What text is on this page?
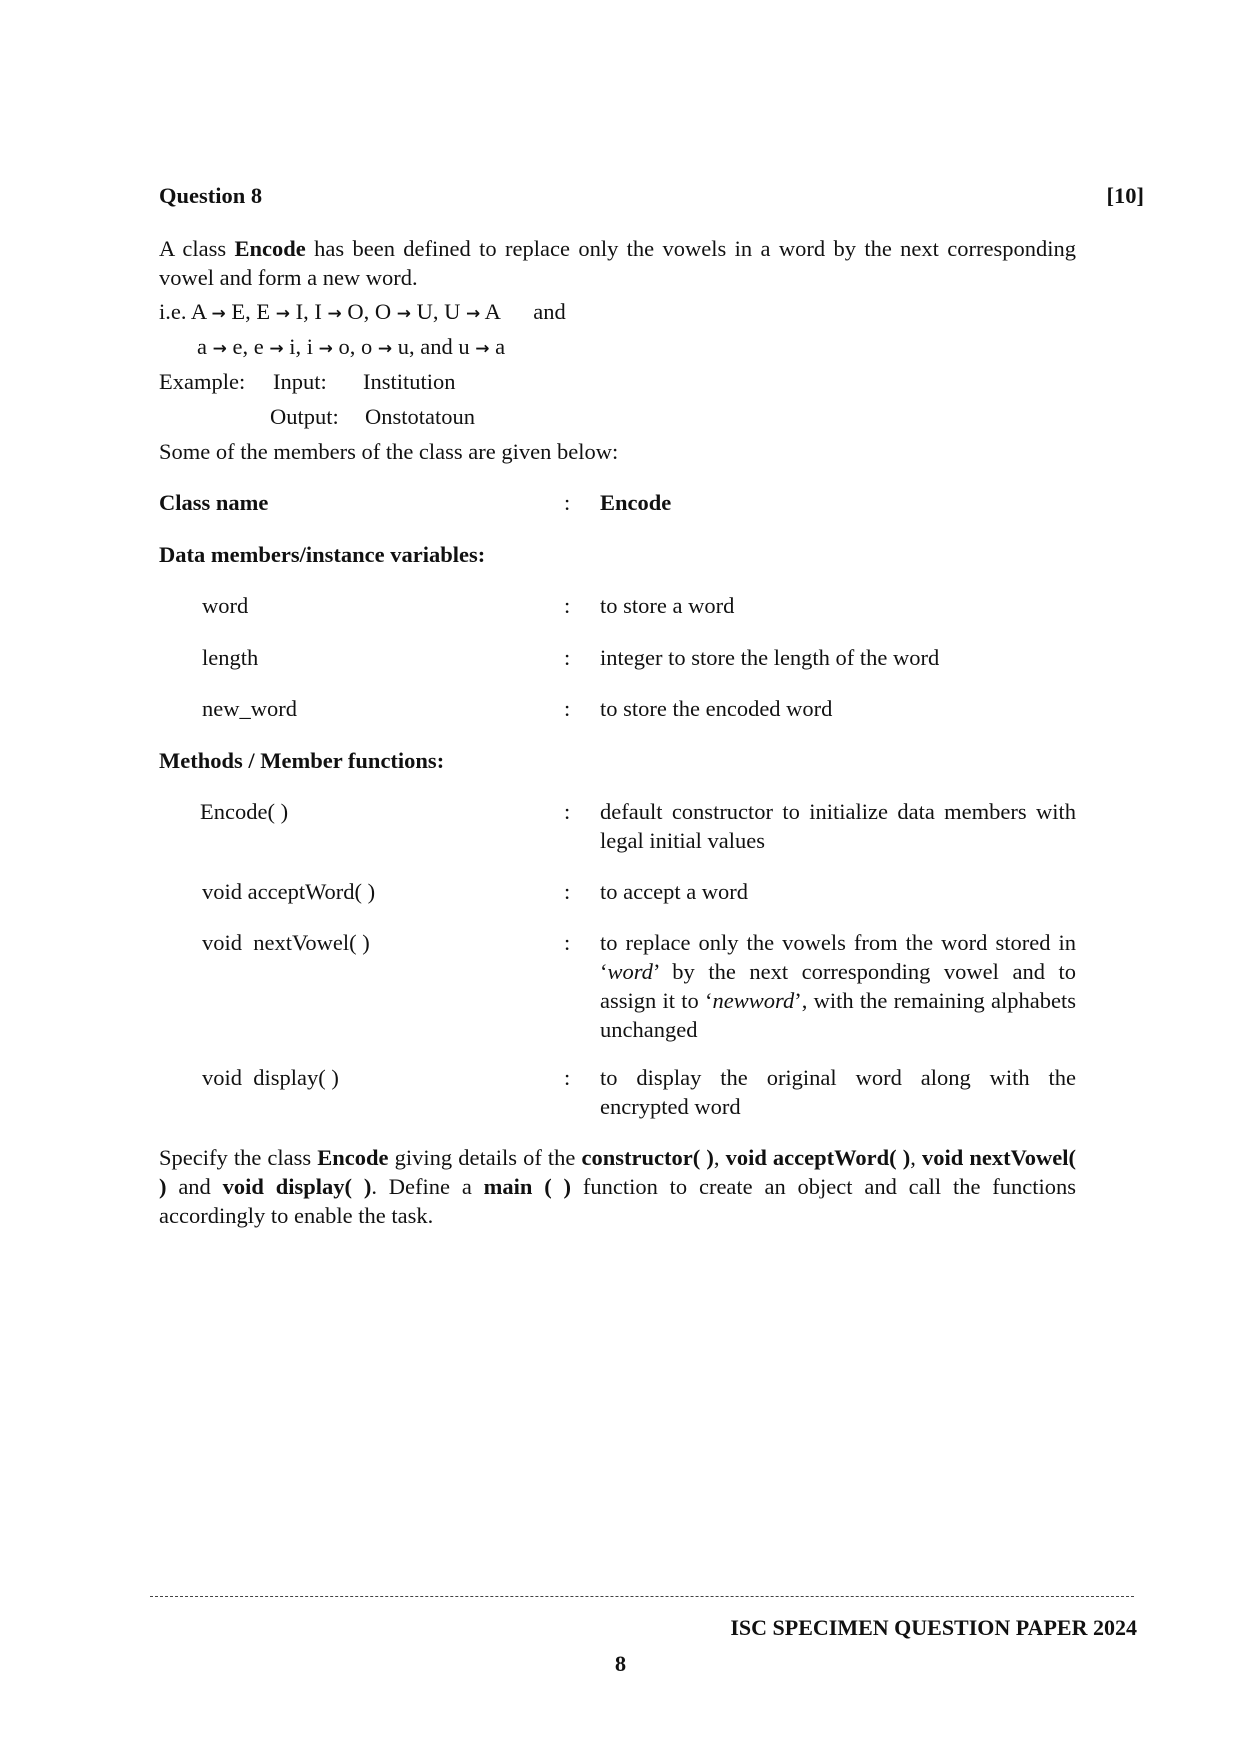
Question 8	[10]
A class Encode has been defined to replace only the vowels in a word by the next corresponding vowel and form a new word.
i.e. A → E, E → I, I → O, O → U, U → A and
a → e, e → i, i → o, o → u, and u → a
Example: Input: Institution
Output: Onstotatoun
Some of the members of the class are given below:
Class name	: Encode
Data members/instance variables:
word	: to store a word
length	: integer to store the length of the word
new_word	: to store the encoded word
Methods / Member functions:
Encode( )	: default constructor to initialize data members with legal initial values
void acceptWord( )	: to accept a word
void  nextVowel( )	: to replace only the vowels from the word stored in ‘word’ by the next corresponding vowel and to assign it to ‘newword’, with the remaining alphabets unchanged
void  display( )	: to display the original word along with the encrypted word
Specify the class Encode giving details of the constructor( ), void acceptWord( ), void nextVowel( ) and void display( ). Define a main ( ) function to create an object and call the functions accordingly to enable the task.
ISC SPECIMEN QUESTION PAPER 2024
8
